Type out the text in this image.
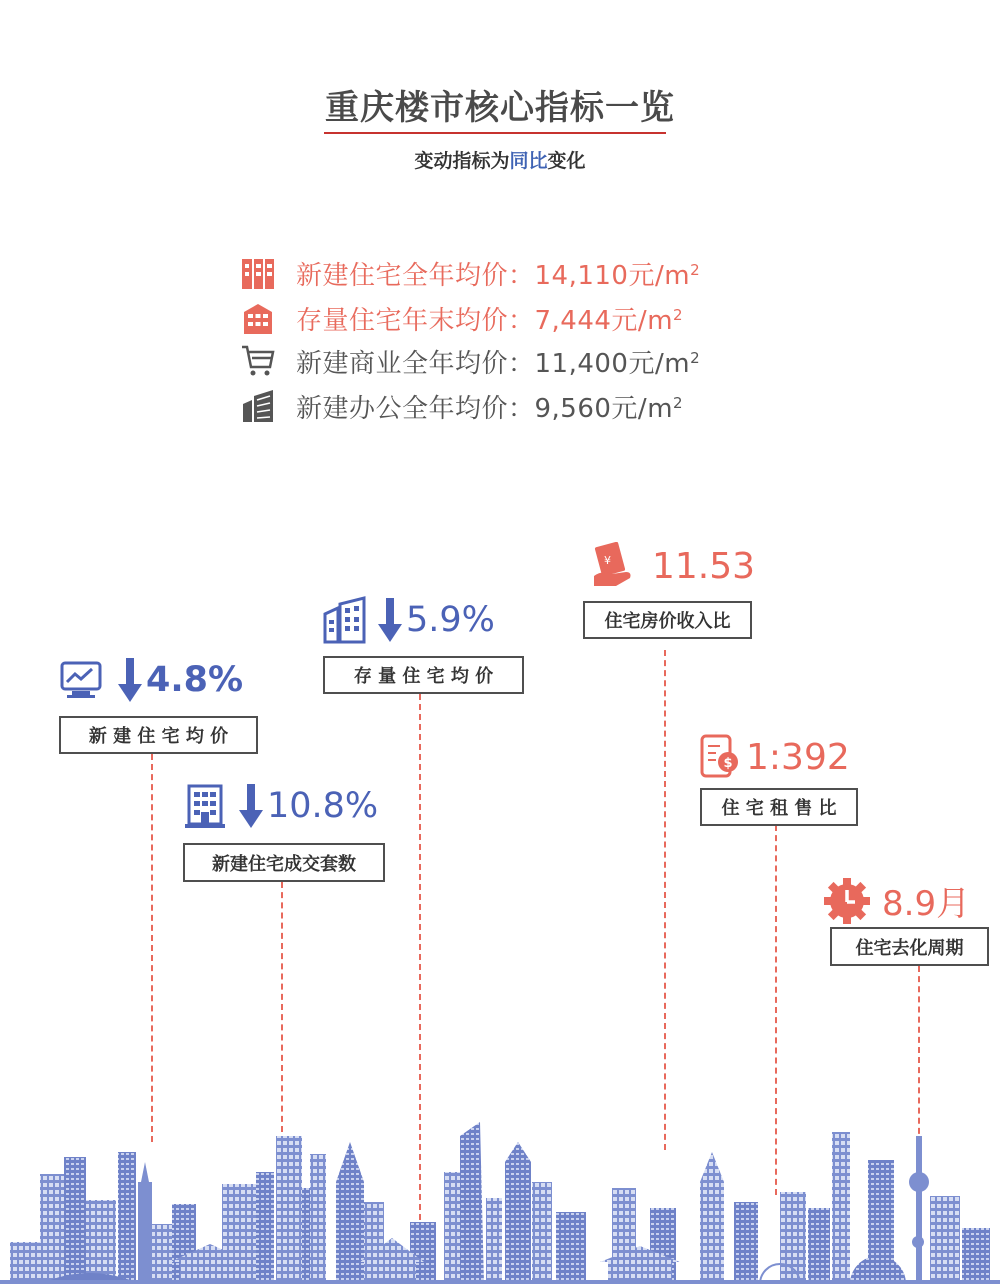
重庆楼市核心指标一览
变动指标为同比变化
新建住宅全年均价：14,110元$/m^2$
存量住宅年末均价：7,444元$/m^2$
新建商业全年均价：11,400元$/m^2$
新建办公全年均价：9,560元$/m^2$
4.8%
新 建 住 宅 均 价
10.8%
新建住宅成交套数
5.9%
存 量 住 宅 均 价
¥ 11.53
住宅房价收入比
$ 1:392
住 宅 租 售 比
8.9月
住宅去化周期
